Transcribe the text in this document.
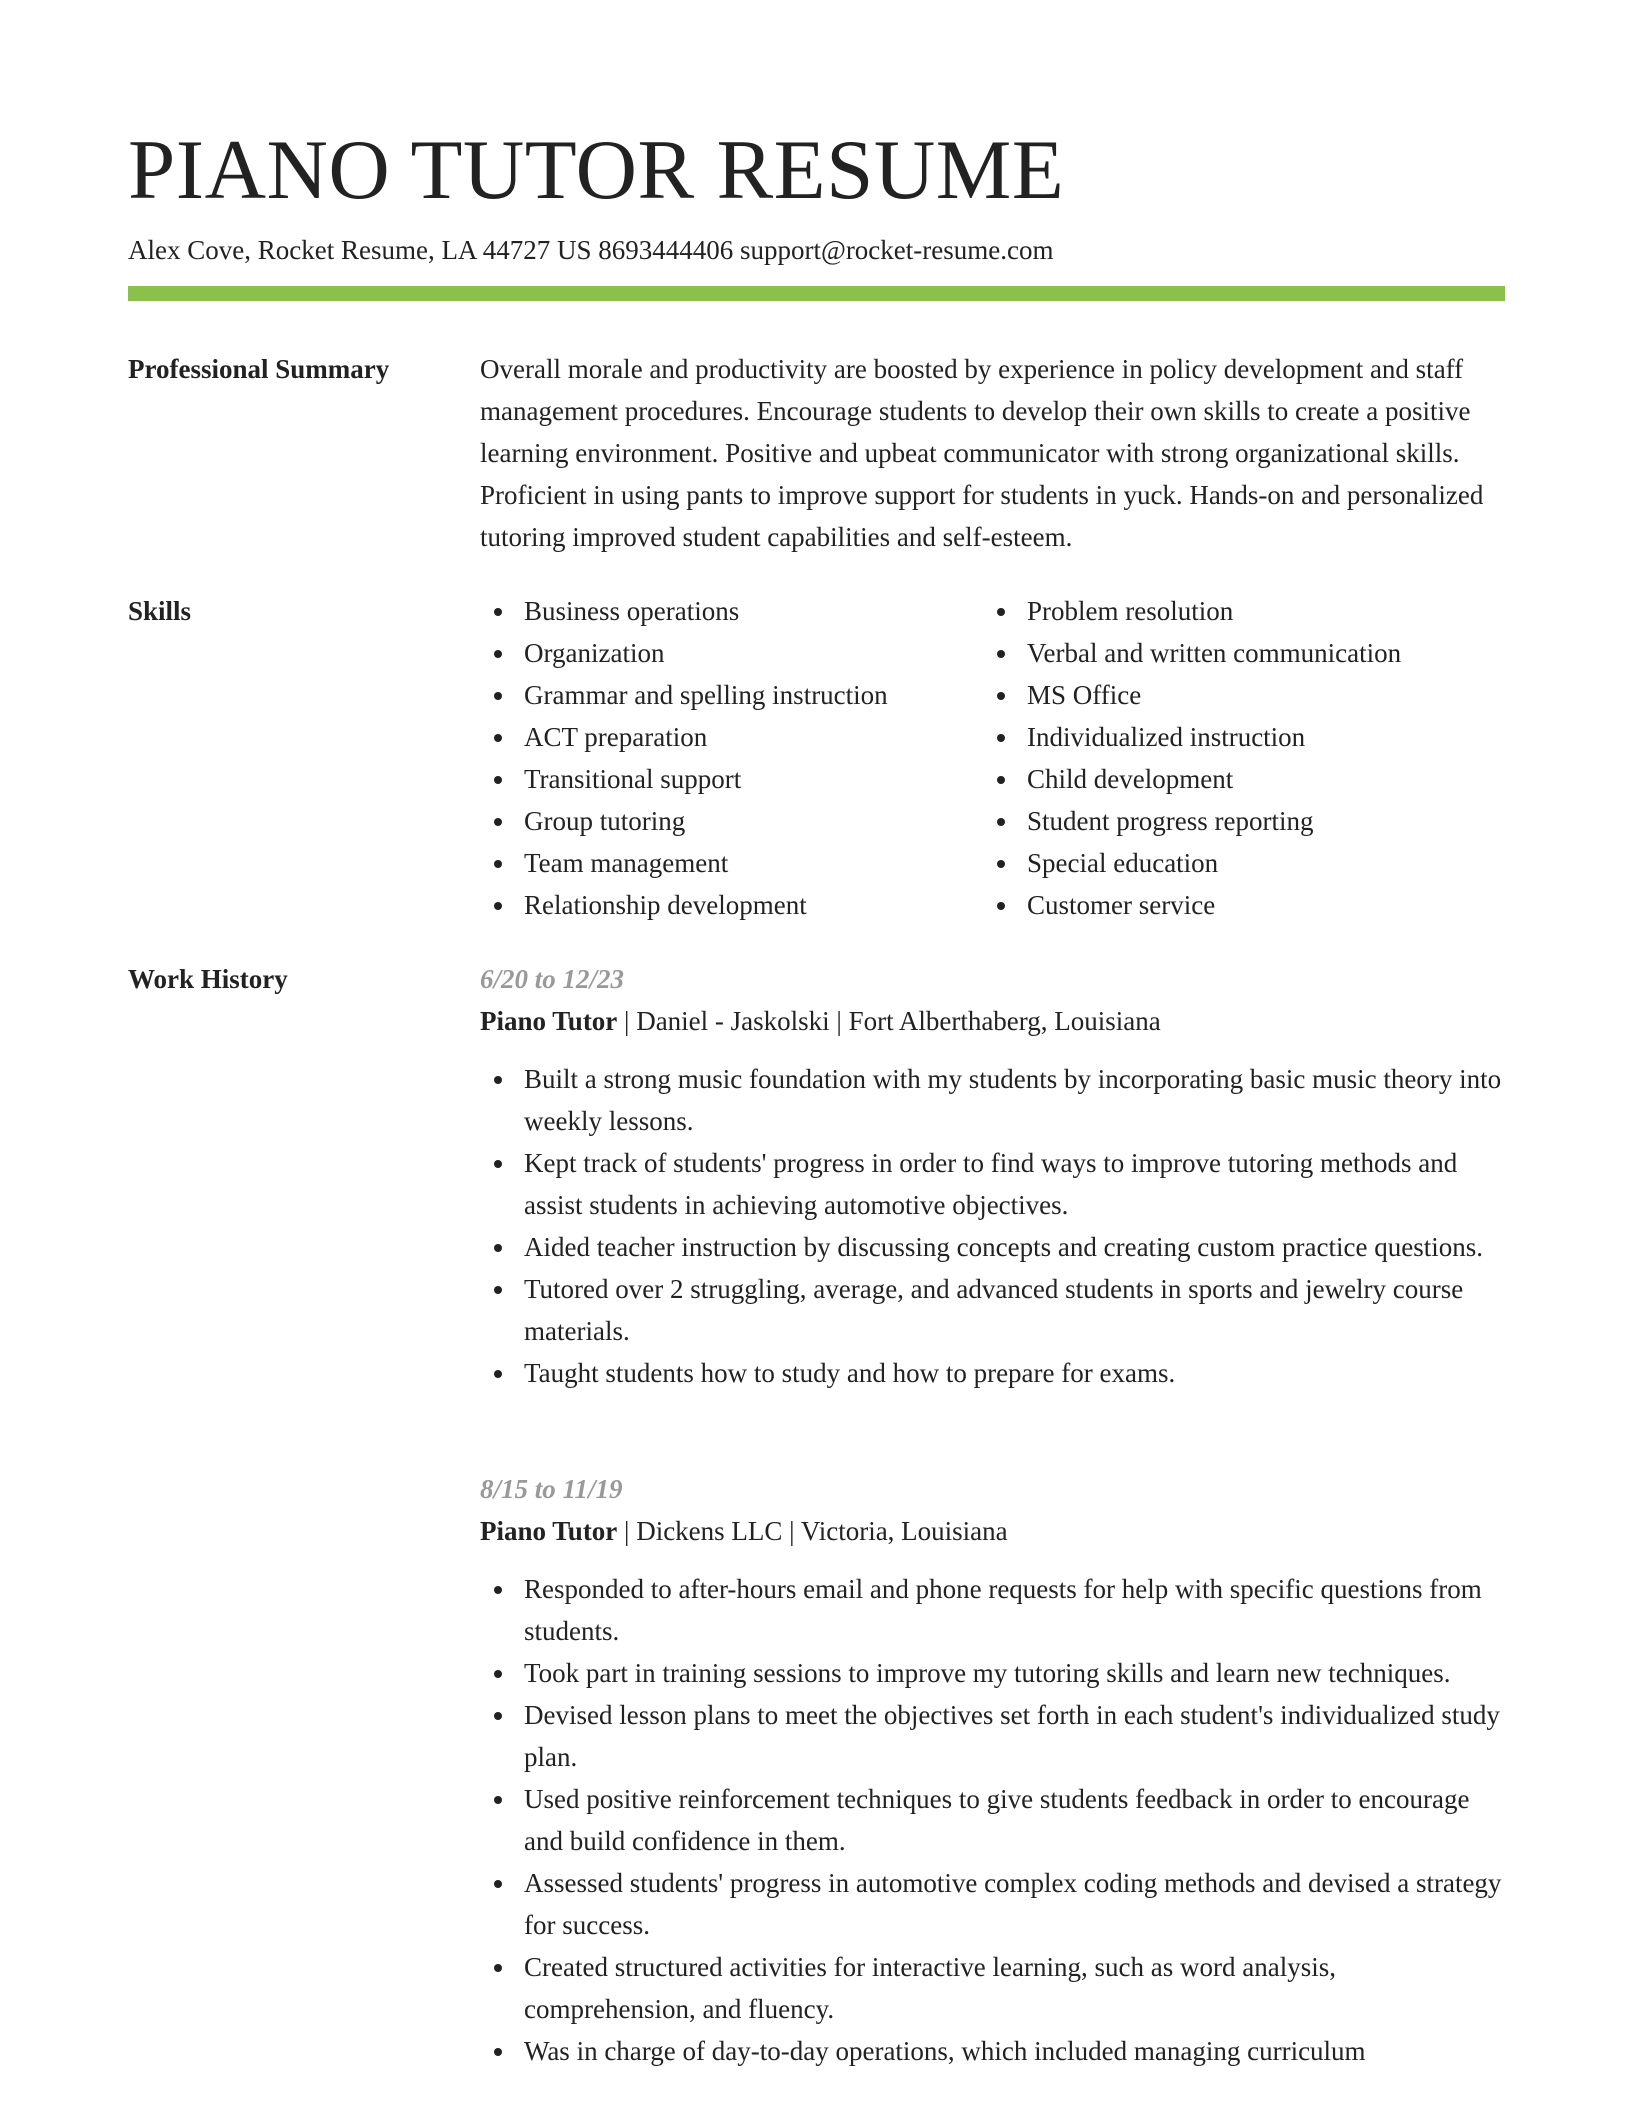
PIANO TUTOR RESUME
Alex Cove, Rocket Resume, LA 44727 US 8693444406 support@rocket-resume.com
Professional Summary	Overall morale and productivity are boosted by experience in policy development and staff management procedures. Encourage students to develop their own skills to create a positive learning environment. Positive and upbeat communicator with strong organizational skills. Proficient in using pants to improve support for students in yuck. Hands-on and personalized tutoring improved student capabilities and self-esteem.

Skills	Business operations
Organization
Grammar and spelling instruction
ACT preparation
Transitional support
Group tutoring
Team management
Relationship development
Problem resolution
Verbal and written communication
MS Office
Individualized instruction
Child development
Student progress reporting
Special education
Customer service
Work History	6/20 to 12/23
Piano Tutor | Daniel - Jaskolski | Fort Alberthaberg, Louisiana
Built a strong music foundation with my students by incorporating basic music theory into weekly lessons.
Kept track of students' progress in order to find ways to improve tutoring methods and assist students in achieving automotive objectives.
Aided teacher instruction by discussing concepts and creating custom practice questions.
Tutored over 2 struggling, average, and advanced students in sports and jewelry course materials.
Taught students how to study and how to prepare for exams.
8/15 to 11/19
Piano Tutor | Dickens LLC | Victoria, Louisiana
Responded to after-hours email and phone requests for help with specific questions from students.
Took part in training sessions to improve my tutoring skills and learn new techniques.
Devised lesson plans to meet the objectives set forth in each student's individualized study plan.
Used positive reinforcement techniques to give students feedback in order to encourage and build confidence in them.
Assessed students' progress in automotive complex coding methods and devised a strategy for success.
Created structured activities for interactive learning, such as word analysis, comprehension, and fluency.
Was in charge of day-to-day operations, which included managing curriculum
